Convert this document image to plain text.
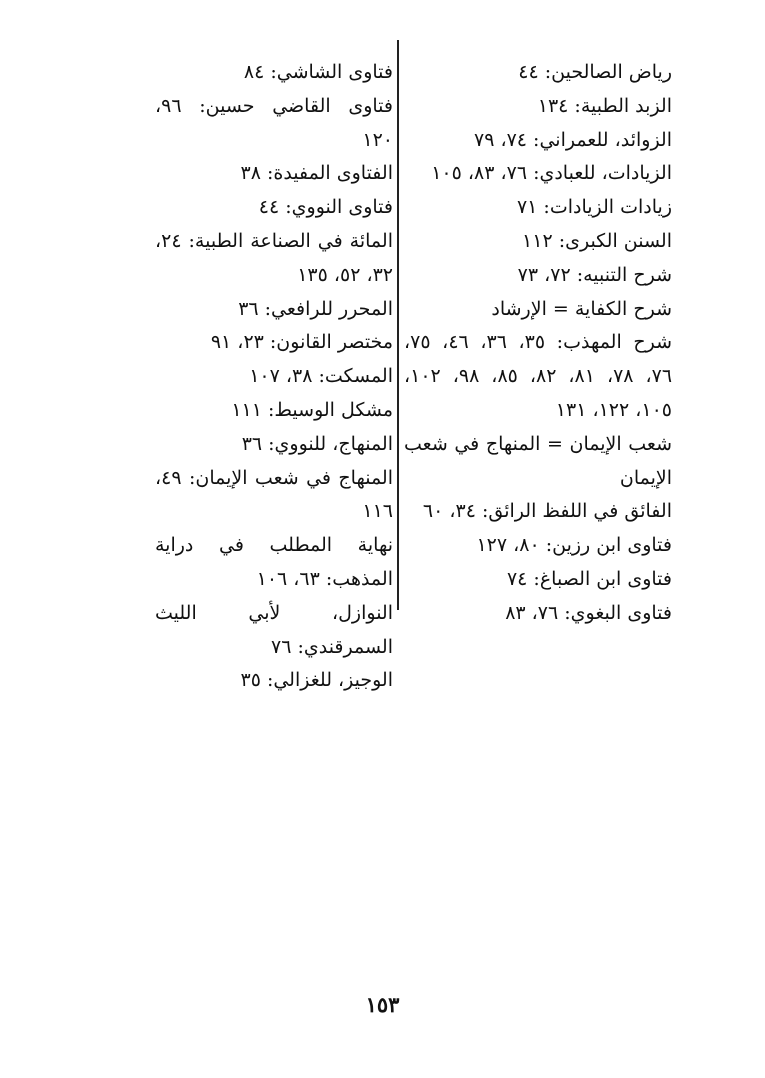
رياض الصالحين: ٤٤
الزبد الطبية: ١٣٤
الزوائد، للعمراني: ٧٤، ٧٩
الزيادات، للعبادي: ٧٦، ٨٣، ١٠٥
زيادات الزيادات: ٧١
السنن الكبرى: ١١٢
شرح التنبيه: ٧٢، ٧٣
شرح الكفاية = الإرشاد
شرح المهذب: ٣٥، ٣٦، ٤٦، ٧٥، ٧٦، ٧٨، ٨١، ٨٢، ٨٥، ٩٨، ١٠٢، ١٠٥، ١٢٢، ١٣١
شعب الإيمان = المنهاج في شعب الإيمان
الفائق في اللفظ الرائق: ٣٤، ٦٠
فتاوى ابن رزين: ٨٠، ١٢٧
فتاوى ابن الصباغ: ٧٤
فتاوى البغوي: ٧٦، ٨٣
فتاوى الشاشي: ٨٤
فتاوى القاضي حسين: ٩٦، ١٢٠
الفتاوى المفيدة: ٣٨
فتاوى النووي: ٤٤
المائة في الصناعة الطبية: ٢٤، ٣٢، ٥٢، ١٣٥
المحرر للرافعي: ٣٦
مختصر القانون: ٢٣، ٩١
المسكت: ٣٨، ١٠٧
مشكل الوسيط: ١١١
المنهاج، للنووي: ٣٦
المنهاج في شعب الإيمان: ٤٩، ١١٦
نهاية المطلب في دراية المذهب: ٦٣، ١٠٦
النوازل، لأبي الليث السمرقندي: ٧٦
الوجيز، للغزالي: ٣٥
١٥٣
